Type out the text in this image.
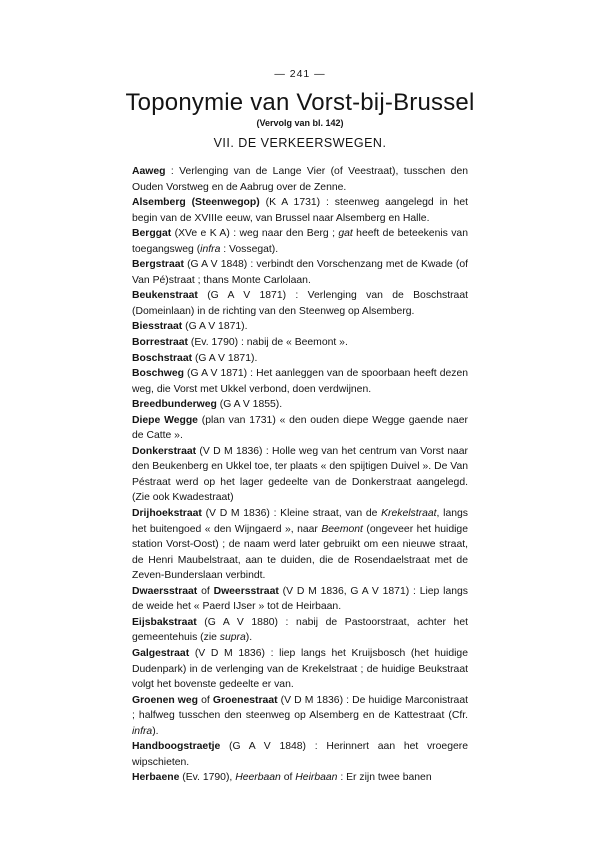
— 241 —
Toponymie van Vorst-bij-Brussel
(Vervolg van bl. 142)
VII. DE VERKEERSWEGEN.

Aaweg : Verlenging van de Lange Vier (of Veestraat), tusschen den Ouden Vorstweg en de Aabrug over de Zenne.

Alsemberg (Steenwegop) (K A 1731) : steenweg aangelegd in het begin van de XVIIIe eeuw, van Brussel naar Alsemberg en Halle.

Berggat (XVe e K A) : weg naar den Berg ; gat heeft de beteekenis van toegangsweg (infra : Vossegat).

Bergstraat (G A V 1848) : verbindt den Vorschenzang met de Kwade (of Van Pé)straat ; thans Monte Carlolaan.

Beukenstraat (G A V 1871) : Verlenging van de Boschstraat (Domeinlaan) in de richting van den Steenweg op Alsemberg.

Biesstraat (G A V 1871).

Borrestraat (Ev. 1790) : nabij de « Beemont ».

Boschstraat (G A V 1871).

Boschweg (G A V 1871) : Het aanleggen van de spoorbaan heeft dezen weg, die Vorst met Ukkel verbond, doen verdwijnen.

Breedbunderweg (G A V 1855).

Diepe Wegge (plan van 1731) « den ouden diepe Wegge gaende naer de Catte ».

Donkerstraat (V D M 1836) : Holle weg van het centrum van Vorst naar den Beukenberg en Ukkel toe, ter plaats « den spijtigen Duivel ». De Van Péstraat werd op het lager gedeelte van de Donkerstraat aangelegd. (Zie ook Kwadestraat)

Drijhoekstraat (V D M 1836) : Kleine straat, van de Krekelstraat, langs het buitengoed « den Wijngaerd », naar Beemont (ongeveer het huidige station Vorst-Oost) ; de naam werd later gebruikt om een nieuwe straat, de Henri Maubelstraat, aan te duiden, die de Rosendaelstraat met de Zeven-Bunderslaan verbindt.

Dwaersstraat of Dweersstraat (V D M 1836, G A V 1871) : Liep langs de weide het « Paerd IJser » tot de Heirbaan.

Eijsbakstraat (G A V 1880) : nabij de Pastoorstraat, achter het gemeentehuis (zie supra).

Galgestraat (V D M 1836) : liep langs het Kruijsbosch (het huidige Dudenpark) in de verlenging van de Krekelstraat ; de huidige Beukstraat volgt het bovenste gedeelte er van.

Groenen weg of Groenestraat (V D M 1836) : De huidige Marconistraat ; halfweg tusschen den steenweg op Alsemberg en de Kattestraat (Cfr. infra).

Handboogstraetje (G A V 1848) : Herinnert aan het vroegere wipschieten.

Herbaene (Ev. 1790), Heerbaan of Heirbaan : Er zijn twee banen
